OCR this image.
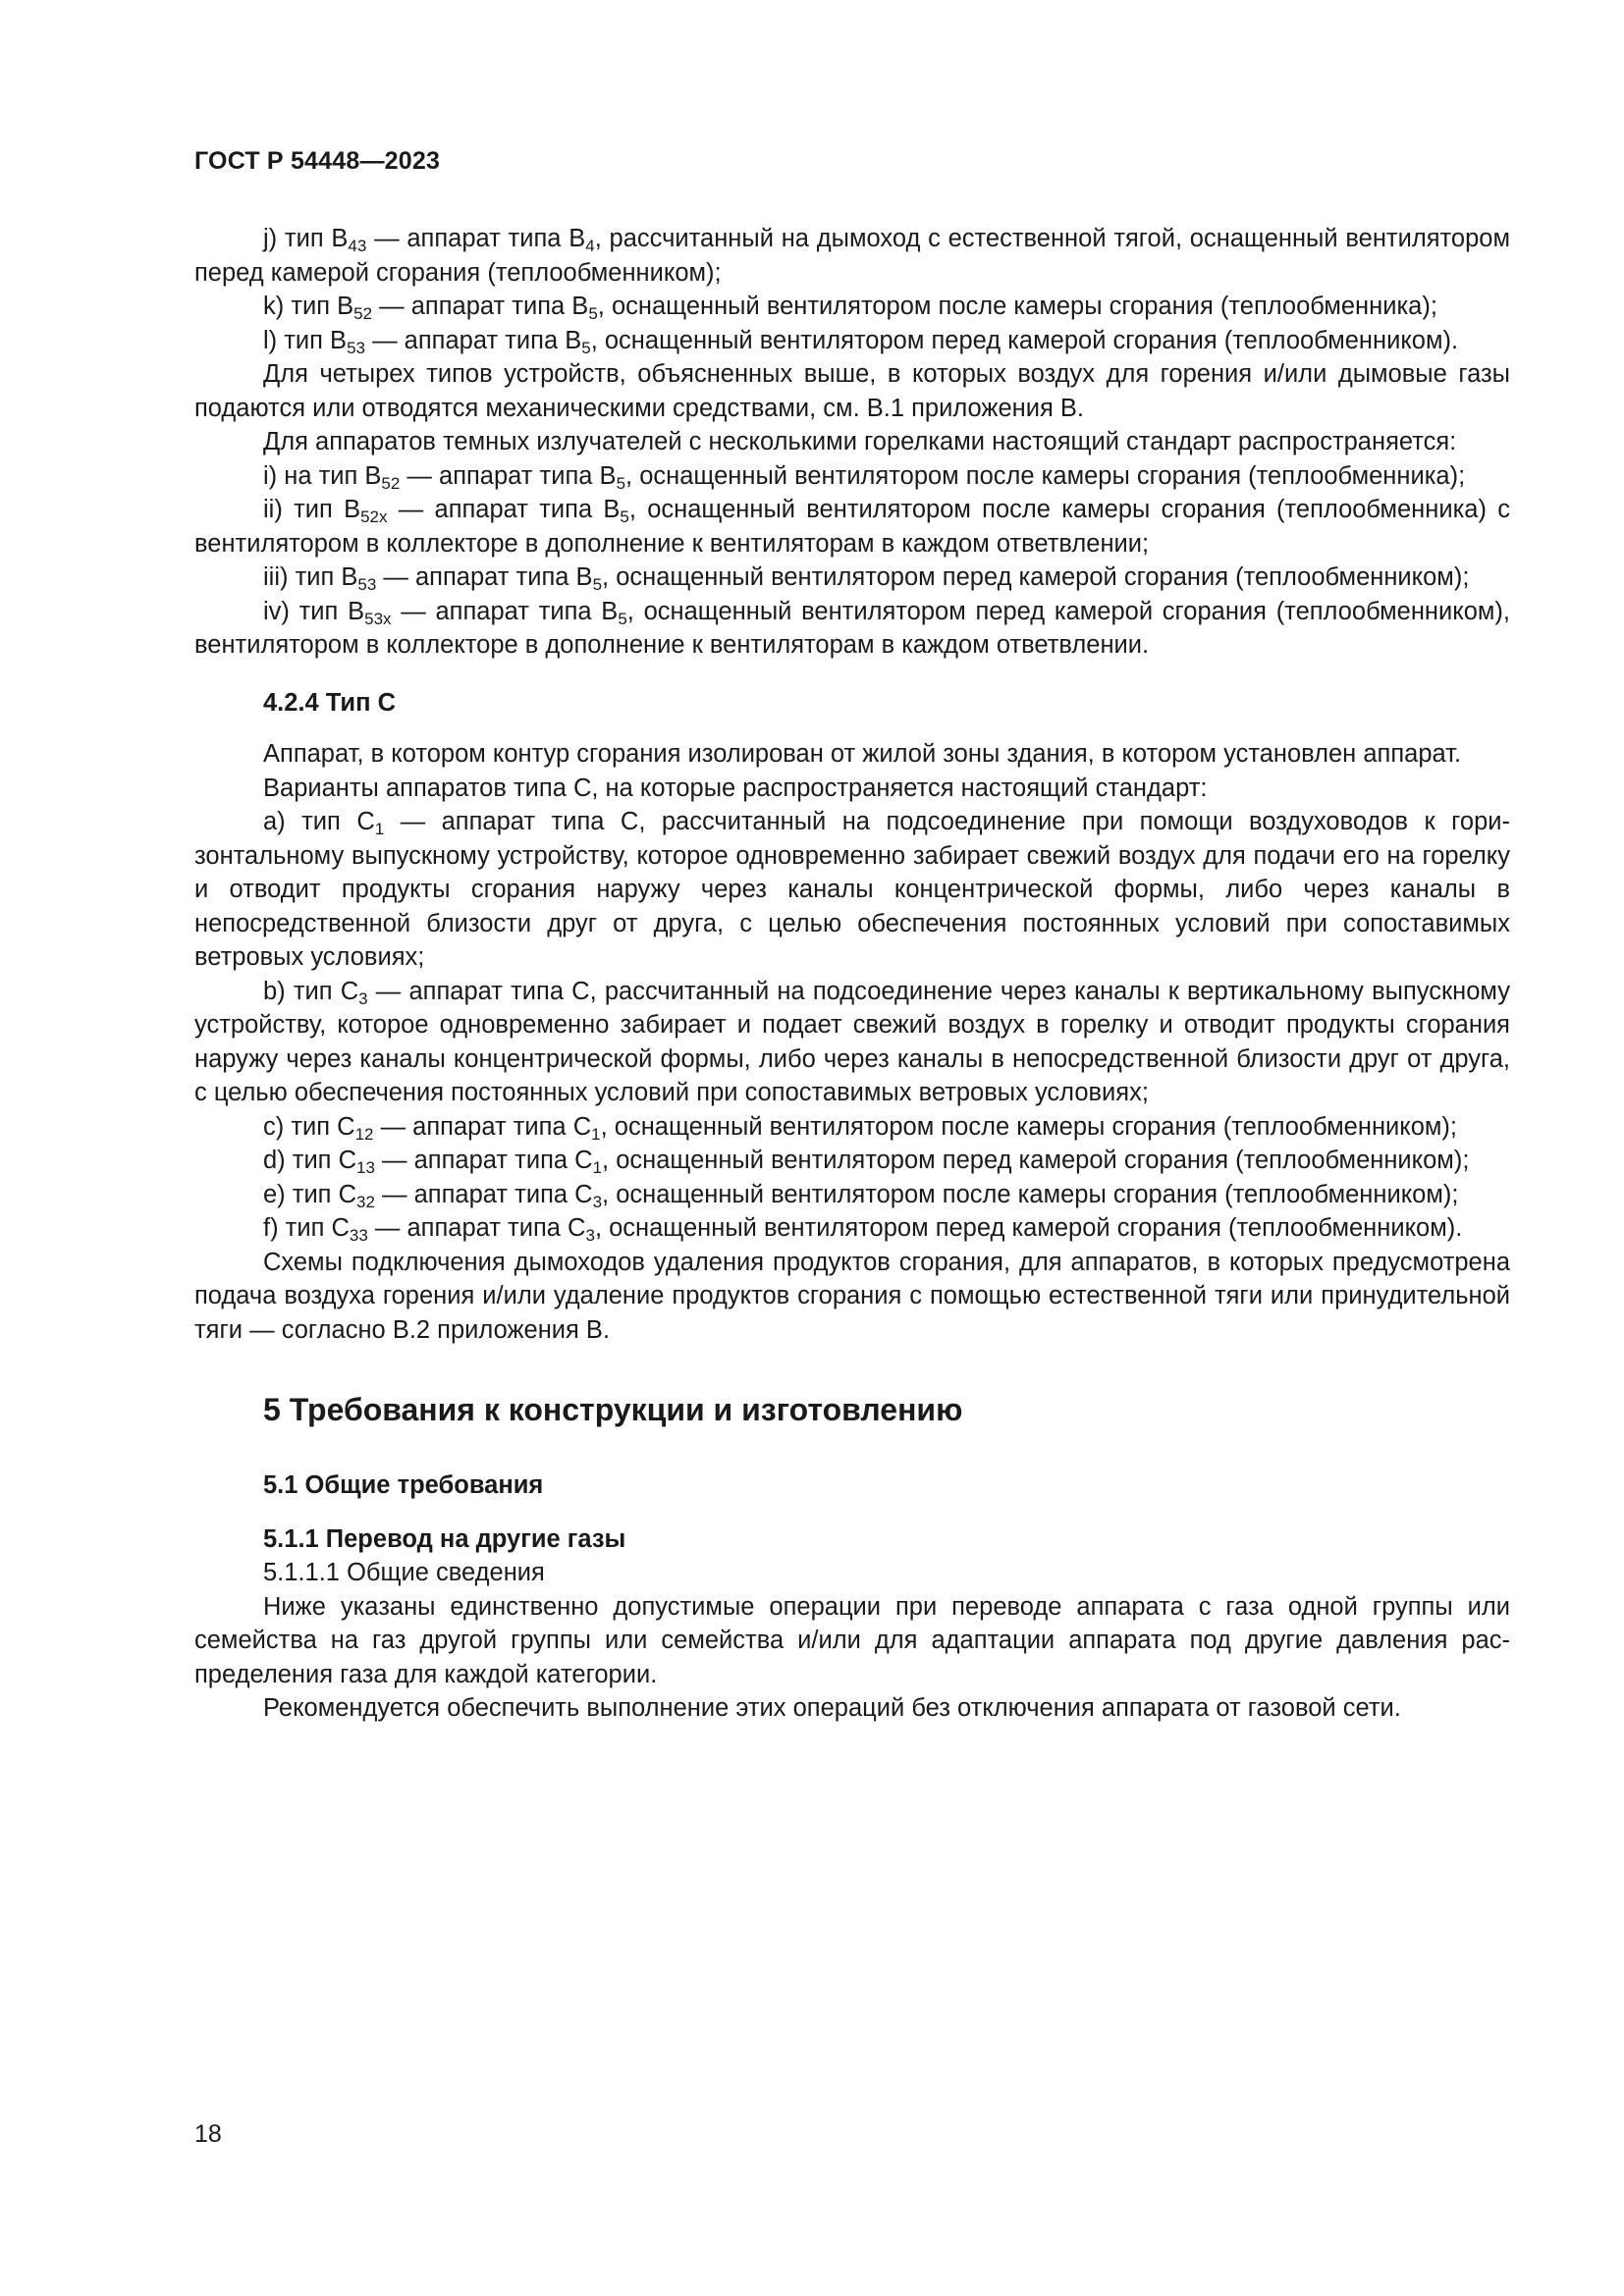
ГОСТ Р 54448—2023

j) тип $B_{43}$ — аппарат типа $B_4$, рассчитанный на дымоход с естественной тягой, оснащенный вентилятором перед камерой сгорания (теплообменником);

k) тип $B_{52}$ — аппарат типа $B_5$, оснащенный вентилятором после камеры сгорания (теплообменника);

l) тип $B_{53}$ — аппарат типа $B_5$, оснащенный вентилятором перед камерой сгорания (теплообменником).

Для четырех типов устройств, объясненных выше, в которых воздух для горения и/или дымовые газы подаются или отводятся механическими средствами, см. В.1 приложения В.

Для аппаратов темных излучателей с несколькими горелками настоящий стандарт распространяется:

i) на тип $B_{52}$ — аппарат типа $B_5$, оснащенный вентилятором после камеры сгорания (теплообменника);

ii) тип $B_{52x}$ — аппарат типа $B_5$, оснащенный вентилятором после камеры сгорания (теплообменника) с вентилятором в коллекторе в дополнение к вентиляторам в каждом ответвлении;

iii) тип $B_{53}$ — аппарат типа $B_5$, оснащенный вентилятором перед камерой сгорания (теплообменником);

iv) тип $B_{53x}$ — аппарат типа $B_5$, оснащенный вентилятором перед камерой сгорания (теплообменником), вентилятором в коллекторе в дополнение к вентиляторам в каждом ответвлении.

4.2.4 Тип С

Аппарат, в котором контур сгорания изолирован от жилой зоны здания, в котором установлен аппарат.

Варианты аппаратов типа С, на которые распространяется настоящий стандарт:

a) тип $C_1$ — аппарат типа С, рассчитанный на подсоединение при помощи воздуховодов к горизонтальному выпускному устройству, которое одновременно забирает свежий воздух для подачи его на горелку и отводит продукты сгорания наружу через каналы концентрической формы, либо через каналы в непосредственной близости друг от друга, с целью обеспечения постоянных условий при сопоставимых ветровых условиях;

b) тип $C_3$ — аппарат типа С, рассчитанный на подсоединение через каналы к вертикальному выпускному устройству, которое одновременно забирает и подает свежий воздух в горелку и отводит продукты сгорания наружу через каналы концентрической формы, либо через каналы в непосредственной близости друг от друга, с целью обеспечения постоянных условий при сопоставимых ветровых условиях;

c) тип $C_{12}$ — аппарат типа $C_1$, оснащенный вентилятором после камеры сгорания (теплообменником);

d) тип $C_{13}$ — аппарат типа $C_1$, оснащенный вентилятором перед камерой сгорания (теплообменником);

e) тип $C_{32}$ — аппарат типа $C_3$, оснащенный вентилятором после камеры сгорания (теплообменником);

f) тип $C_{33}$ — аппарат типа $C_3$, оснащенный вентилятором перед камерой сгорания (теплообменником).

Схемы подключения дымоходов удаления продуктов сгорания, для аппаратов, в которых предусмотрена подача воздуха горения и/или удаление продуктов сгорания с помощью естественной тяги или принудительной тяги — согласно В.2 приложения В.

5 Требования к конструкции и изготовлению
5.1 Общие требования
5.1.1 Перевод на другие газы
5.1.1.1 Общие сведения

Ниже указаны единственно допустимые операции при переводе аппарата с газа одной группы или семейства на газ другой группы или семейства и/или для адаптации аппарата под другие давления распределения газа для каждой категории.

Рекомендуется обеспечить выполнение этих операций без отключения аппарата от газовой сети.

18
